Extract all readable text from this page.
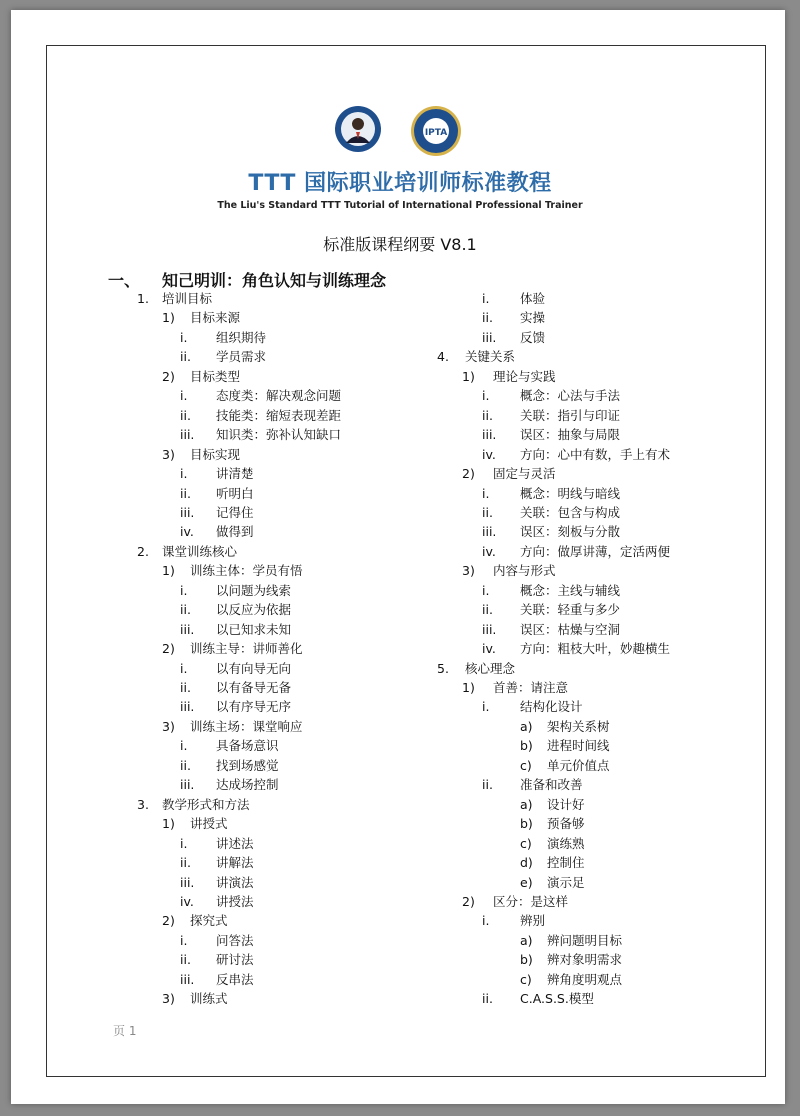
IPTA
TTT 国际职业培训师标准教程
The Liu's Standard TTT Tutorial of International Professional Trainer
标准版课程纲要 V8.1
一、 知己明训：角色认知与训练理念
1. 培训目标
1) 目标来源
i. 组织期待
ii. 学员需求
2) 目标类型
i. 态度类：解决观念问题
ii. 技能类：缩短表现差距
iii. 知识类：弥补认知缺口
3) 目标实现
i. 讲清楚
ii. 听明白
iii. 记得住
iv. 做得到
2. 课堂训练核心
1) 训练主体：学员有悟
i. 以问题为线索
ii. 以反应为依据
iii. 以已知求未知
2) 训练主导：讲师善化
i. 以有向导无向
ii. 以有备导无备
iii. 以有序导无序
3) 训练主场：课堂响应
i. 具备场意识
ii. 找到场感觉
iii. 达成场控制
3. 教学形式和方法
1) 讲授式
i. 讲述法
ii. 讲解法
iii. 讲演法
iv. 讲授法
2) 探究式
i. 问答法
ii. 研讨法
iii. 反串法
3) 训练式
i. 体验
ii. 实操
iii. 反馈
4. 关键关系
1) 理论与实践
i. 概念：心法与手法
ii. 关联：指引与印证
iii. 误区：抽象与局限
iv. 方向：心中有数，手上有术
2) 固定与灵活
i. 概念：明线与暗线
ii. 关联：包含与构成
iii. 误区：刻板与分散
iv. 方向：做厚讲薄，定活两便
3) 内容与形式
i. 概念：主线与辅线
ii. 关联：轻重与多少
iii. 误区：枯燥与空洞
iv. 方向：粗枝大叶，妙趣横生
5. 核心理念
1) 首善：请注意
i. 结构化设计
a) 架构关系树
b) 进程时间线
c) 单元价值点
ii. 准备和改善
a) 设计好
b) 预备够
c) 演练熟
d) 控制住
e) 演示足
2) 区分：是这样
i. 辨别
a) 辨问题明目标
b) 辨对象明需求
c) 辨角度明观点
ii. C.A.S.S.模型
页 1
